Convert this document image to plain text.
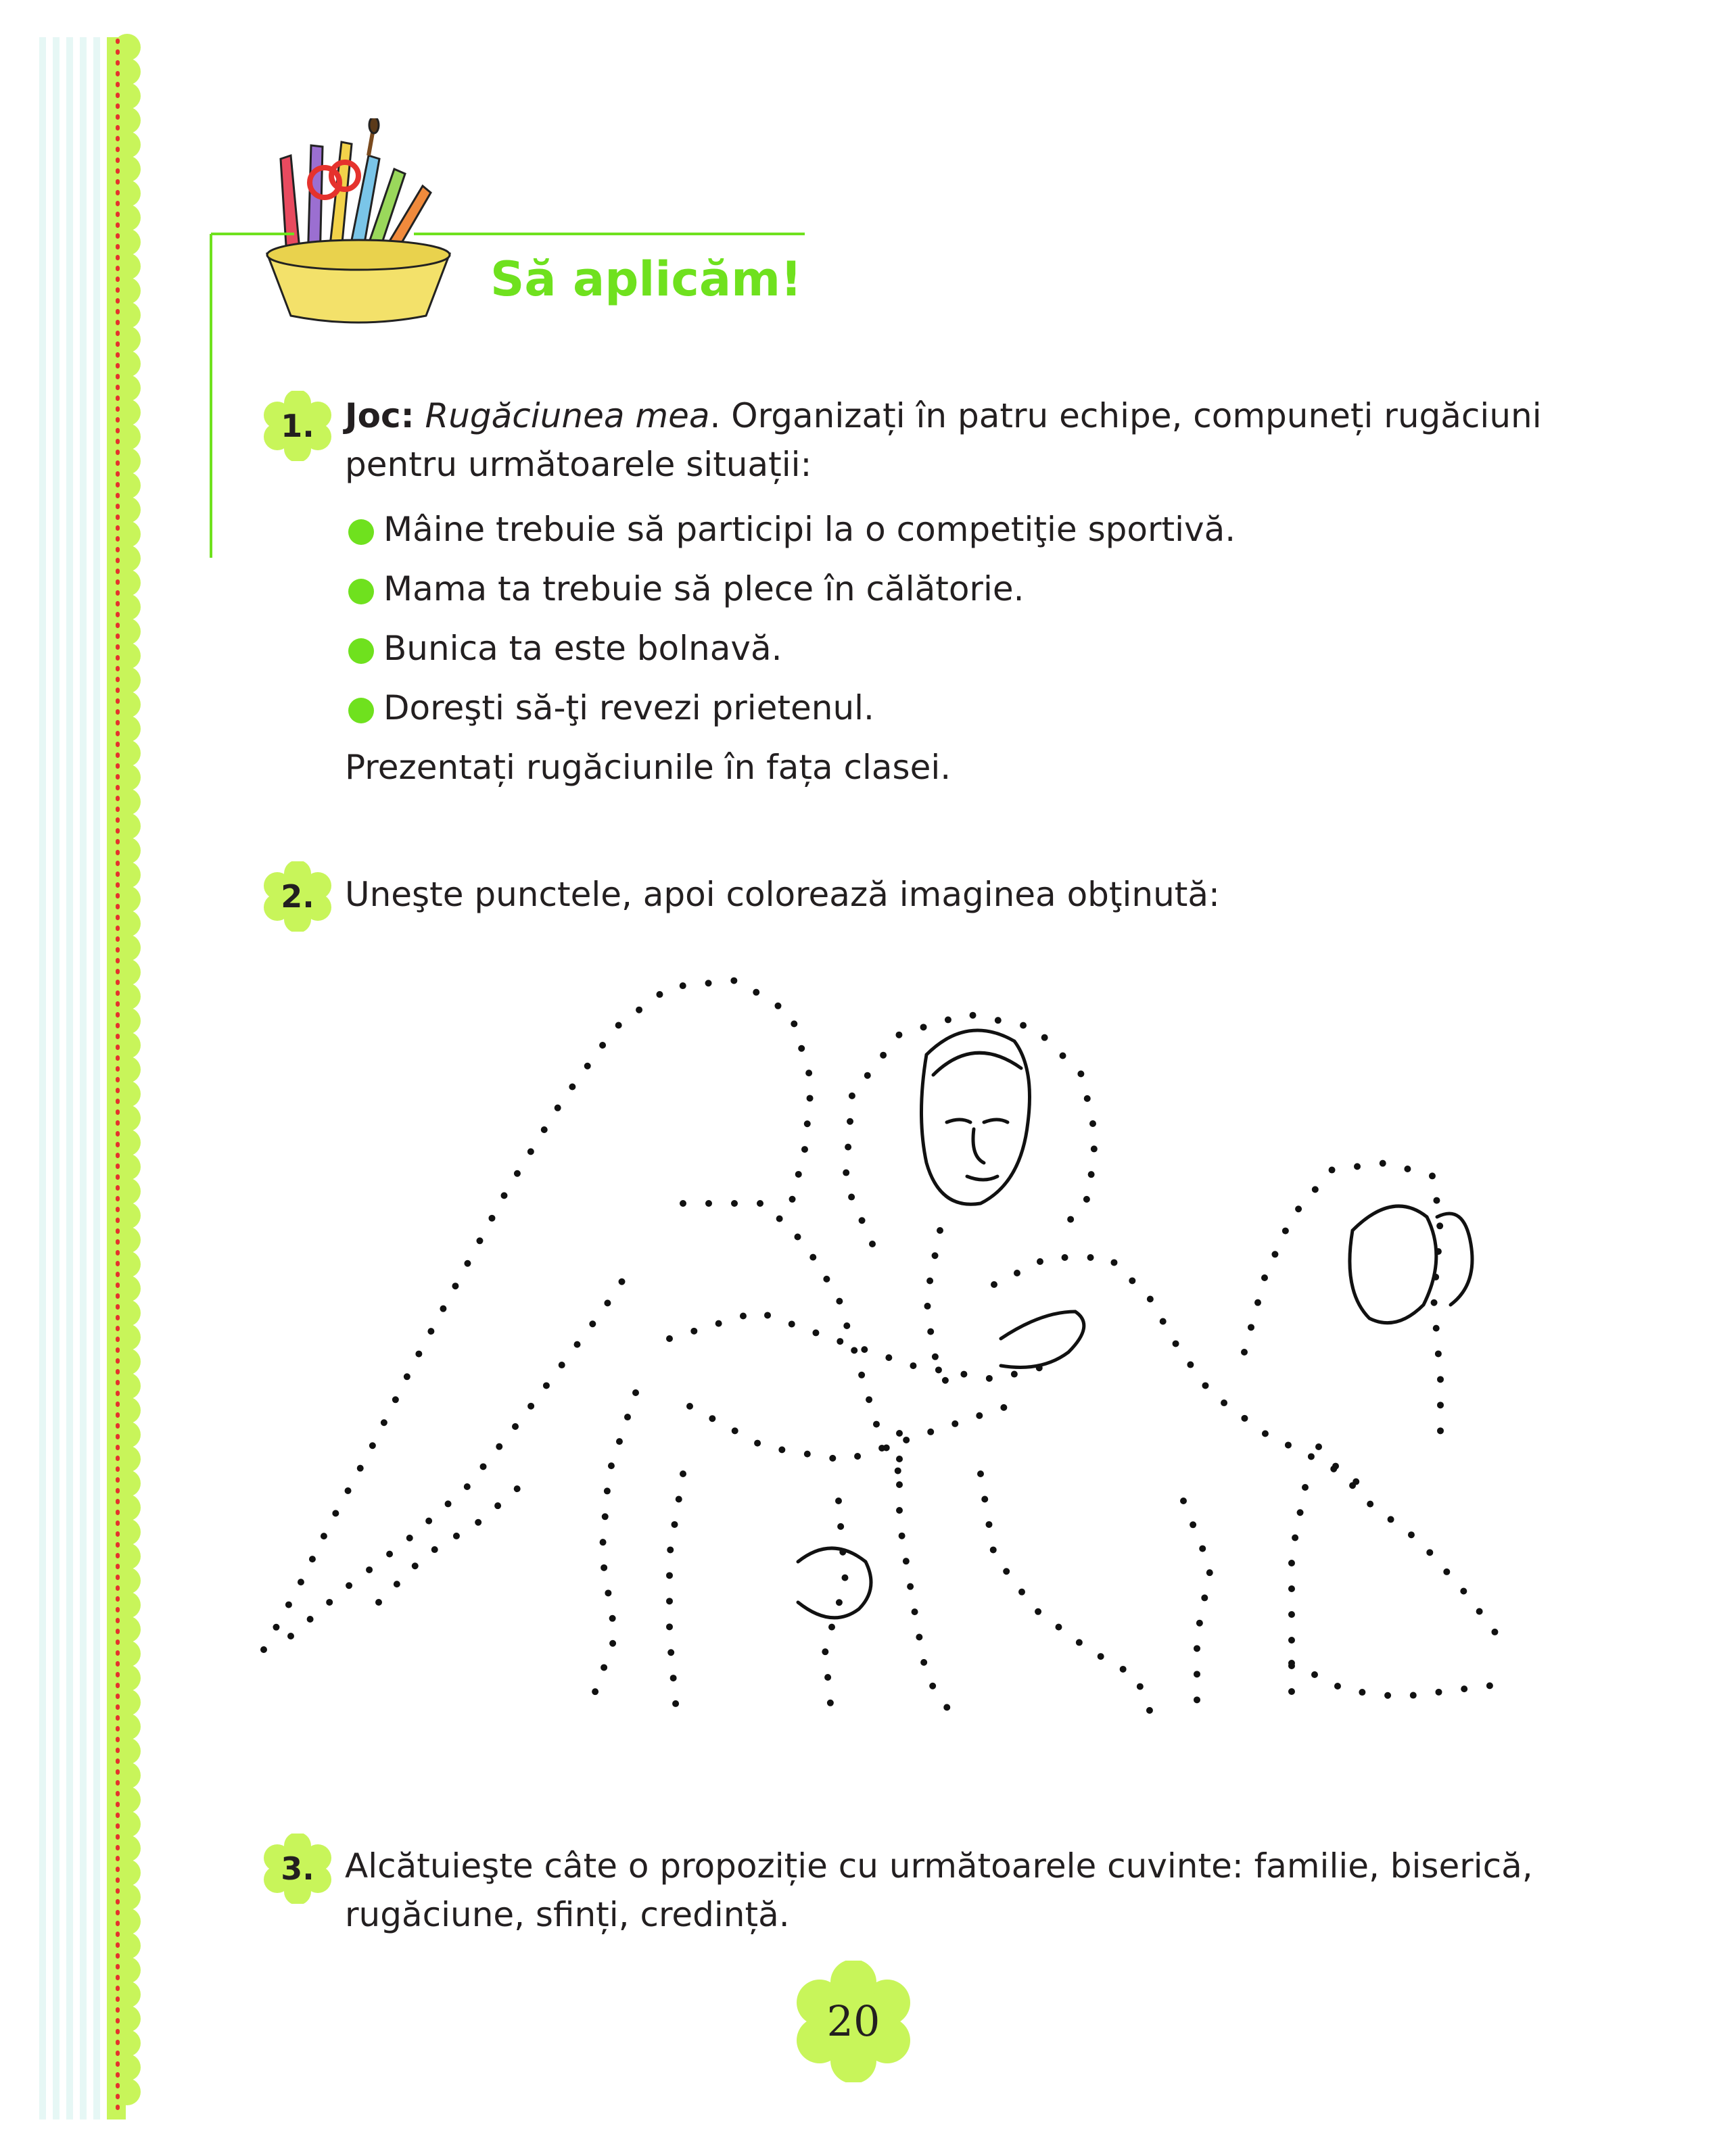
Să aplicăm!
1. Joc: Rugăciunea mea. Organizați în patru echipe, compuneți rugăciuni
pentru următoarele situații:
Mâine trebuie să participi la o competiţie sportivă.
Mama ta trebuie să plece în călătorie.
Bunica ta este bolnavă.
Doreşti să-ţi revezi prietenul.
Prezentați rugăciunile în fața clasei.
2. Uneşte punctele, apoi colorează imaginea obţinută:
3. Alcătuieşte câte o propoziție cu următoarele cuvinte: familie, biserică,
rugăciune, sfinți, credință.
20
